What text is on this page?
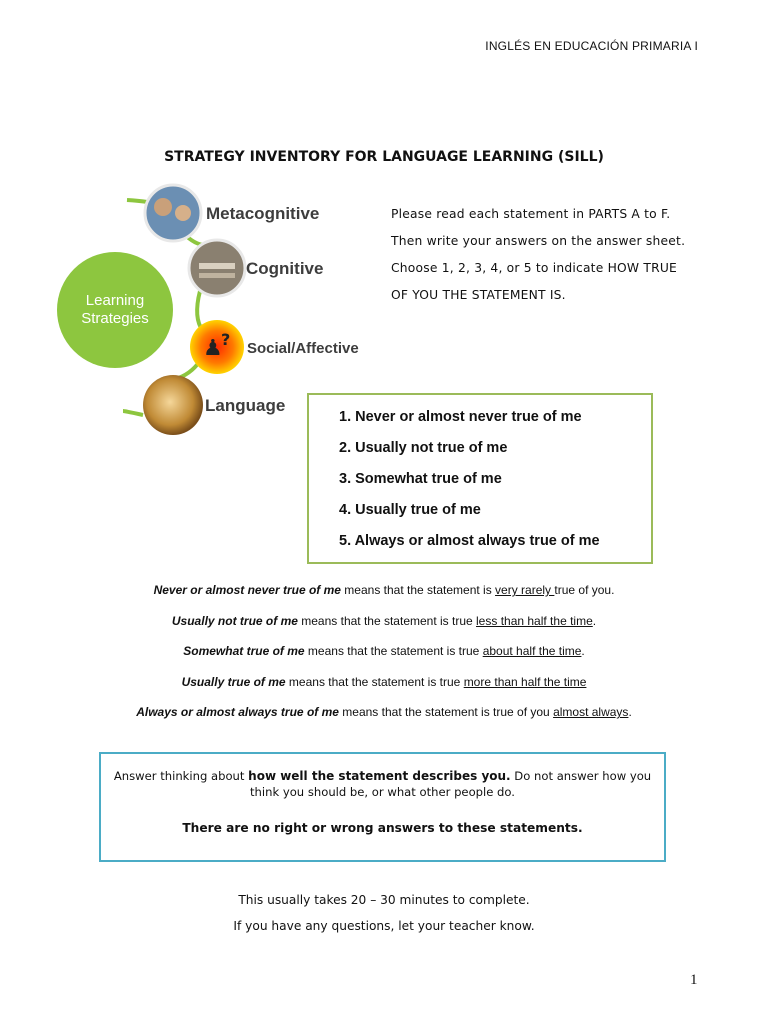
INGLÉS EN EDUCACIÓN PRIMARIA I
STRATEGY INVENTORY FOR LANGUAGE LEARNING (SILL)
♟
?
Learning
Strategies
Metacognitive
Cognitive
Social/Affective
Language

Please read each statement in PARTS A to F.

Then write your answers on the answer sheet.

Choose 1, 2, 3, 4, or 5 to indicate HOW TRUE

OF YOU THE STATEMENT IS.

1. Never or almost never true of me
2. Usually not true of me
3. Somewhat true of me
4. Usually true of me
5. Always or almost always true of me

Never or almost never true of me means that the statement is very rarely true of you.

Usually not true of me means that the statement is true less than half the time.

Somewhat true of me means that the statement is true about half the time.

Usually true of me means that the statement is true more than half the time

Always or almost always true of me means that the statement is true of you almost always.

Answer thinking about how well the statement describes you. Do not answer how you think you should be, or what other people do.
There are no right or wrong answers to these statements.

This usually takes 20 – 30 minutes to complete.

If you have any questions, let your teacher know.

1
